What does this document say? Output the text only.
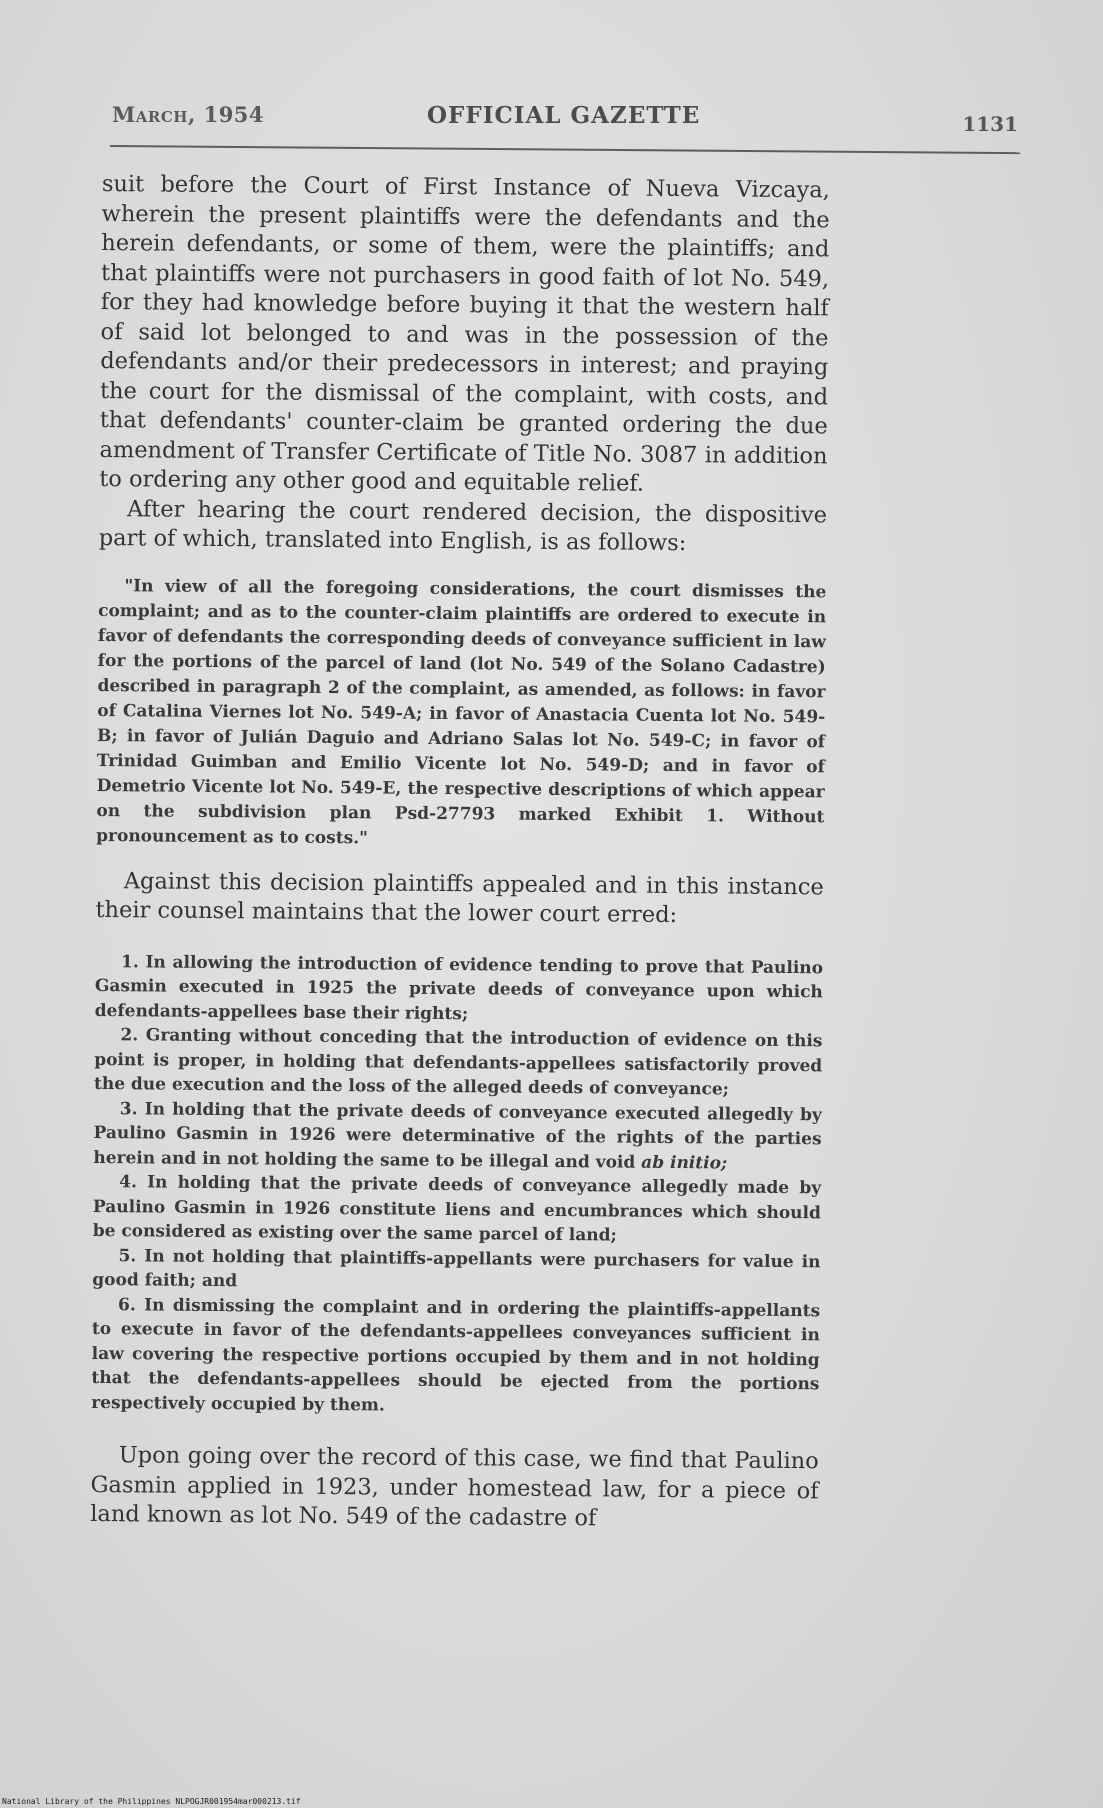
March, 1954	OFFICIAL GAZETTE	1131

suit before the Court of First Instance of Nueva Vizcaya, wherein the present plaintiffs were the defendants and the herein defendants, or some of them, were the plaintiffs; and that plaintiffs were not purchasers in good faith of lot No. 549, for they had knowledge before buying it that the western half of said lot belonged to and was in the possession of the defendants and/or their predecessors in interest; and praying the court for the dismissal of the complaint, with costs, and that defendants' counter-claim be granted ordering the due amendment of Transfer Certificate of Title No. 3087 in addition to ordering any other good and equitable relief.

After hearing the court rendered decision, the dispositive part of which, translated into English, is as follows:

"In view of all the foregoing considerations, the court dismisses the complaint; and as to the counter-claim plaintiffs are ordered to execute in favor of defendants the corresponding deeds of conveyance sufficient in law for the portions of the parcel of land (lot No. 549 of the Solano Cadastre) described in paragraph 2 of the complaint, as amended, as follows: in favor of Catalina Viernes lot No. 549-A; in favor of Anastacia Cuenta lot No. 549-B; in favor of Julián Daguio and Adriano Salas lot No. 549-C; in favor of Trinidad Guimban and Emilio Vicente lot No. 549-D; and in favor of Demetrio Vicente lot No. 549-E, the respective descriptions of which appear on the subdivision plan Psd-27793 marked Exhibit 1. Without pronouncement as to costs."

Against this decision plaintiffs appealed and in this instance their counsel maintains that the lower court erred:

1. In allowing the introduction of evidence tending to prove that Paulino Gasmin executed in 1925 the private deeds of conveyance upon which defendants-appellees base their rights;

2. Granting without conceding that the introduction of evidence on this point is proper, in holding that defendants-appellees satisfactorily proved the due execution and the loss of the alleged deeds of conveyance;

3. In holding that the private deeds of conveyance executed allegedly by Paulino Gasmin in 1926 were determinative of the rights of the parties herein and in not holding the same to be illegal and void ab initio;

4. In holding that the private deeds of conveyance allegedly made by Paulino Gasmin in 1926 constitute liens and encumbrances which should be considered as existing over the same parcel of land;

5. In not holding that plaintiffs-appellants were purchasers for value in good faith; and

6. In dismissing the complaint and in ordering the plaintiffs-appellants to execute in favor of the defendants-appellees conveyances sufficient in law covering the respective portions occupied by them and in not holding that the defendants-appellees should be ejected from the portions respectively occupied by them.

Upon going over the record of this case, we find that Paulino Gasmin applied in 1923, under homestead law, for a piece of land known as lot No. 549 of the cadastre of

National Library of the Philippines NLPOGJR001954mar000213.tif
